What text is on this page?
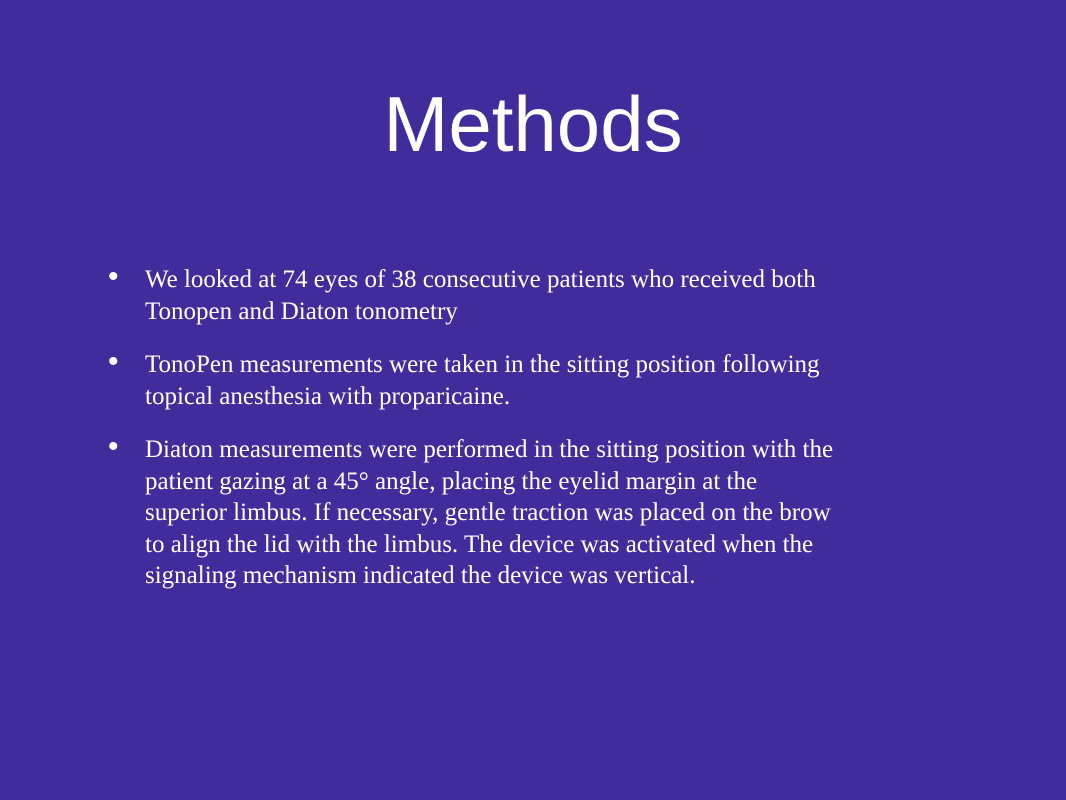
Methods
• We looked at 74 eyes of 38 consecutive patients who received both
Tonopen and Diaton tonometry
• TonoPen measurements were taken in the sitting position following
topical anesthesia with proparicaine.
• Diaton measurements were performed in the sitting position with the
patient gazing at a 45° angle, placing the eyelid margin at the
superior limbus. If necessary, gentle traction was placed on the brow
to align the lid with the limbus. The device was activated when the
signaling mechanism indicated the device was vertical.
